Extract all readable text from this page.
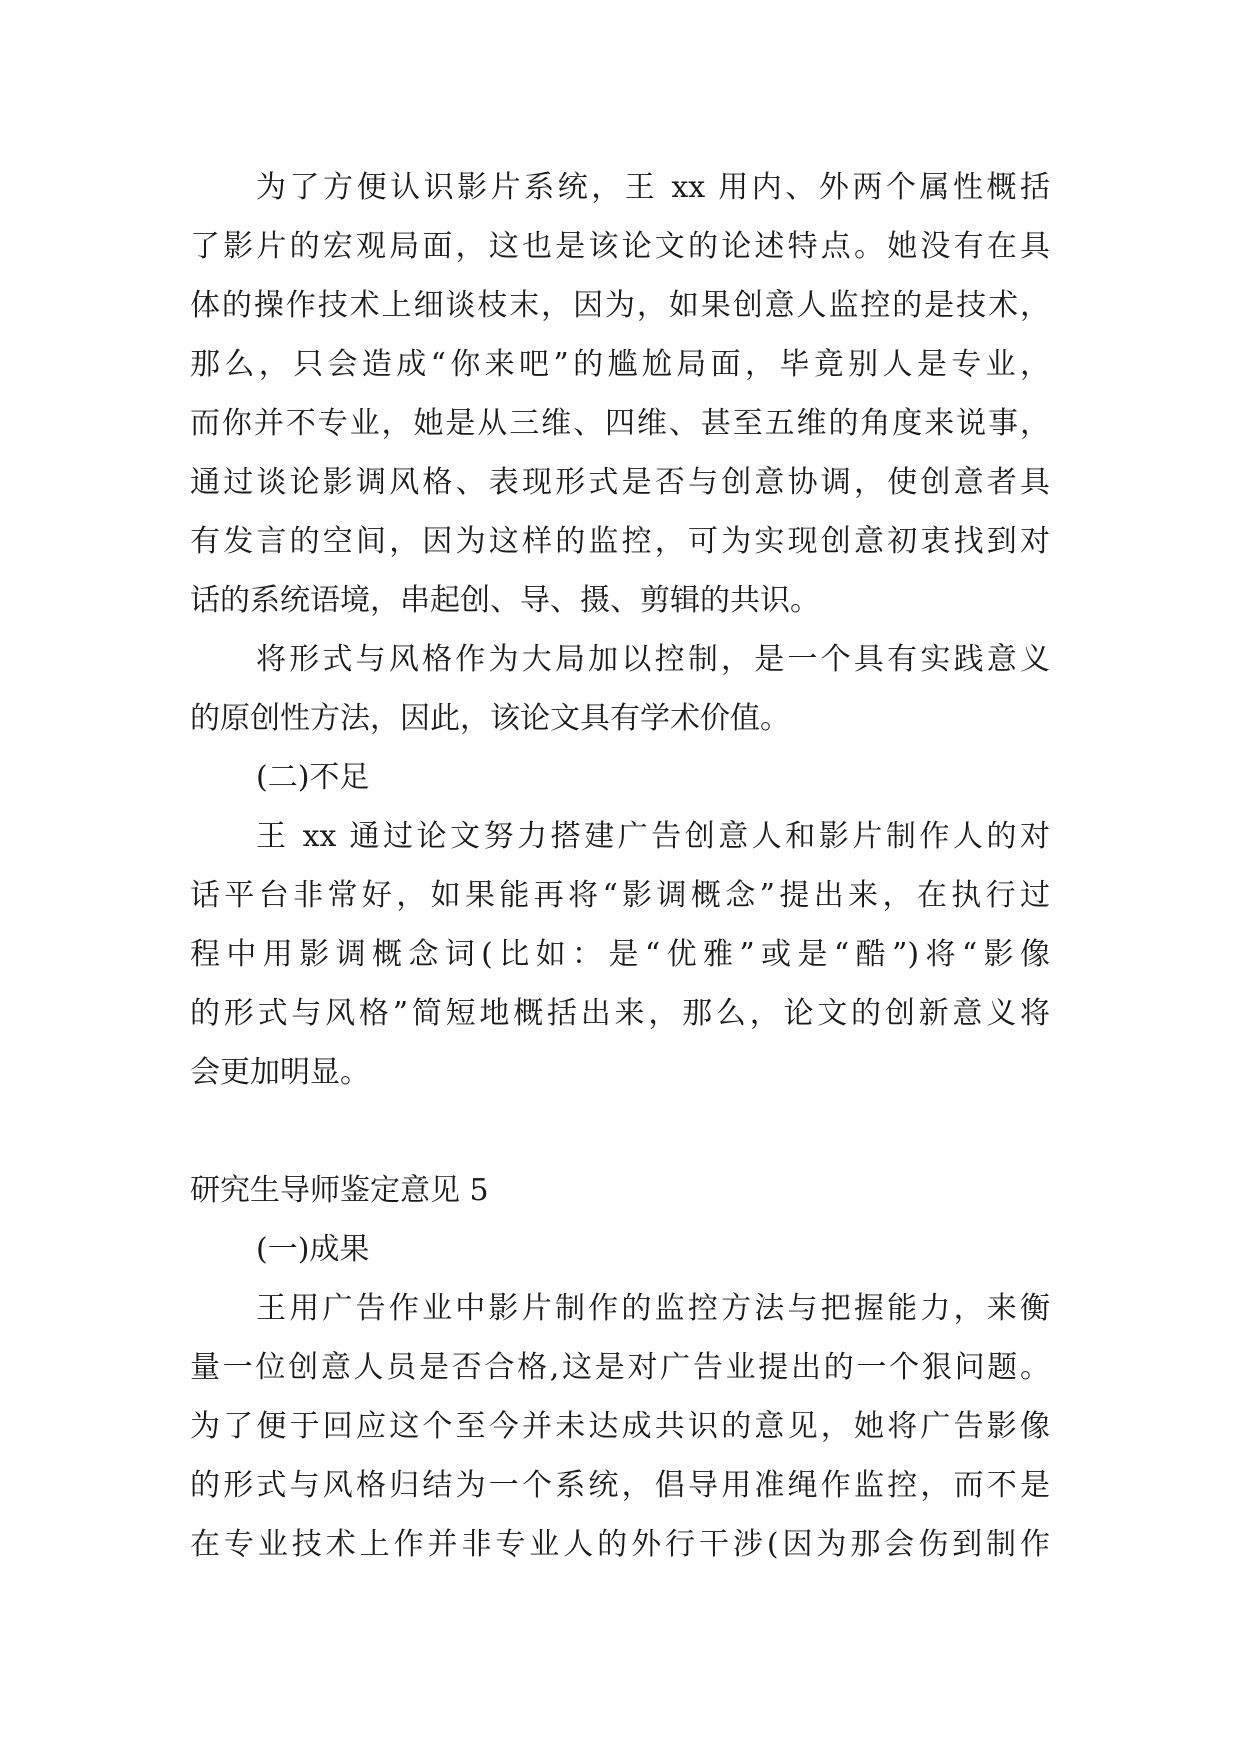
为了方便认识影片系统，王 xx 用内、外两个属性概括
了影片的宏观局面，这也是该论文的论述特点。她没有在具
体的操作技术上细谈枝末，因为，如果创意人监控的是技术，
那么，只会造成“你来吧”的尴尬局面，毕竟别人是专业，
而你并不专业，她是从三维、四维、甚至五维的角度来说事，
通过谈论影调风格、表现形式是否与创意协调，使创意者具
有发言的空间，因为这样的监控，可为实现创意初衷找到对
话的系统语境，串起创、导、摄、剪辑的共识。
将形式与风格作为大局加以控制，是一个具有实践意义
的原创性方法，因此，该论文具有学术价值。
(二)不足
王 xx 通过论文努力搭建广告创意人和影片制作人的对
话平台非常好，如果能再将“影调概念”提出来，在执行过
程中用影调概念词(比如：是“优雅”或是“酷”)将“影像
的形式与风格”简短地概括出来，那么，论文的创新意义将
会更加明显。
研究生导师鉴定意见 5
(一)成果
王用广告作业中影片制作的监控方法与把握能力，来衡
量一位创意人员是否合格,这是对广告业提出的一个狠问题。
为了便于回应这个至今并未达成共识的意见，她将广告影像
的形式与风格归结为一个系统，倡导用准绳作监控，而不是
在专业技术上作并非专业人的外行干涉(因为那会伤到制作
